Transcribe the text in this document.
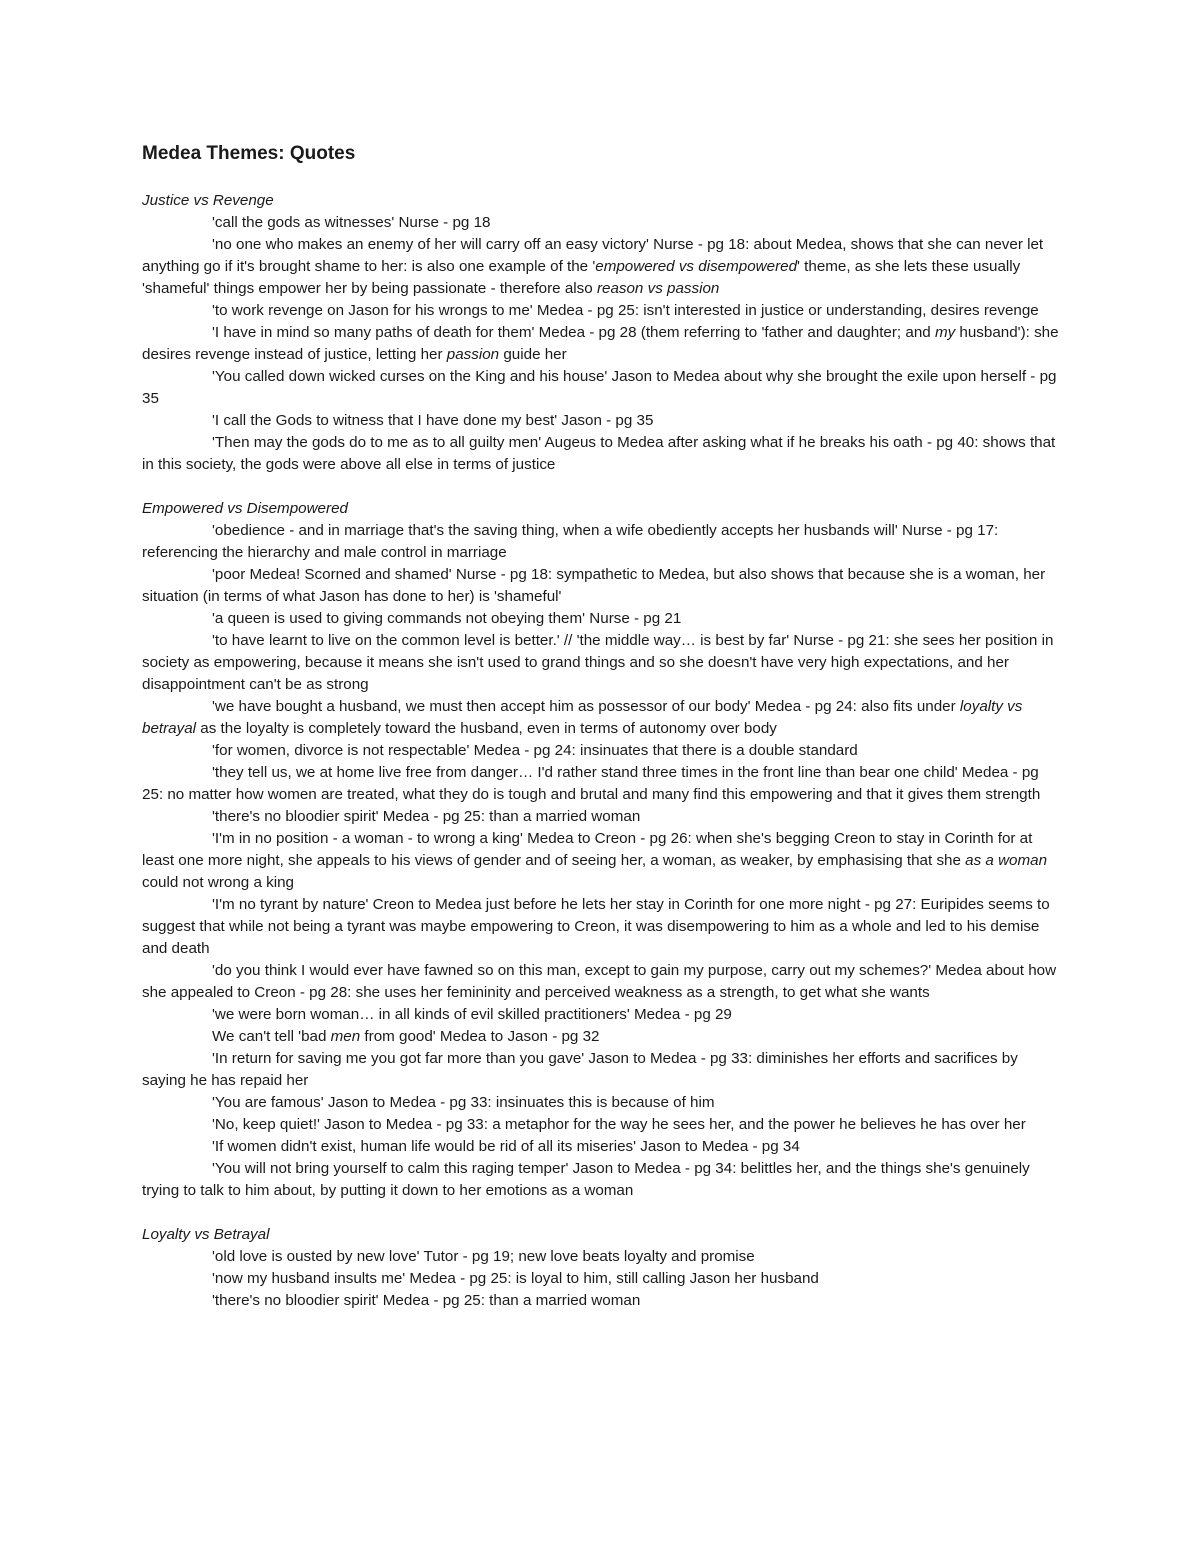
Medea Themes: Quotes

Justice vs Revenge

'call the gods as witnesses' Nurse - pg 18

'no one who makes an enemy of her will carry off an easy victory' Nurse - pg 18: about Medea, shows that she can never let anything go if it's brought shame to her: is also one example of the 'empowered vs disempowered' theme, as she lets these usually 'shameful' things empower her by being passionate - therefore also reason vs passion

'to work revenge on Jason for his wrongs to me' Medea - pg 25: isn't interested in justice or understanding, desires revenge

'I have in mind so many paths of death for them' Medea - pg 28 (them referring to 'father and daughter; and my husband'): she desires revenge instead of justice, letting her passion guide her

'You called down wicked curses on the King and his house' Jason to Medea about why she brought the exile upon herself - pg 35

'I call the Gods to witness that I have done my best' Jason - pg 35

'Then may the gods do to me as to all guilty men' Augeus to Medea after asking what if he breaks his oath - pg 40: shows that in this society, the gods were above all else in terms of justice

Empowered vs Disempowered

'obedience - and in marriage that's the saving thing, when a wife obediently accepts her husbands will' Nurse - pg 17: referencing the hierarchy and male control in marriage

'poor Medea! Scorned and shamed' Nurse - pg 18: sympathetic to Medea, but also shows that because she is a woman, her situation (in terms of what Jason has done to her) is 'shameful'

'a queen is used to giving commands not obeying them' Nurse - pg 21

'to have learnt to live on the common level is better.' // 'the middle way… is best by far' Nurse - pg 21: she sees her position in society as empowering, because it means she isn't used to grand things and so she doesn't have very high expectations, and her disappointment can't be as strong

'we have bought a husband, we must then accept him as possessor of our body' Medea - pg 24: also fits under loyalty vs betrayal as the loyalty is completely toward the husband, even in terms of autonomy over body

'for women, divorce is not respectable' Medea - pg 24: insinuates that there is a double standard

'they tell us, we at home live free from danger… I'd rather stand three times in the front line than bear one child' Medea - pg 25: no matter how women are treated, what they do is tough and brutal and many find this empowering and that it gives them strength

'there's no bloodier spirit' Medea - pg 25: than a married woman

'I'm in no position - a woman - to wrong a king' Medea to Creon - pg 26: when she's begging Creon to stay in Corinth for at least one more night, she appeals to his views of gender and of seeing her, a woman, as weaker, by emphasising that she as a woman could not wrong a king

'I'm no tyrant by nature' Creon to Medea just before he lets her stay in Corinth for one more night - pg 27: Euripides seems to suggest that while not being a tyrant was maybe empowering to Creon, it was disempowering to him as a whole and led to his demise and death

'do you think I would ever have fawned so on this man, except to gain my purpose, carry out my schemes?' Medea about how she appealed to Creon - pg 28: she uses her femininity and perceived weakness as a strength, to get what she wants

'we were born woman… in all kinds of evil skilled practitioners' Medea - pg 29

We can't tell 'bad men from good' Medea to Jason - pg 32

'In return for saving me you got far more than you gave' Jason to Medea - pg 33: diminishes her efforts and sacrifices by saying he has repaid her

'You are famous' Jason to Medea - pg 33: insinuates this is because of him

'No, keep quiet!' Jason to Medea - pg 33: a metaphor for the way he sees her, and the power he believes he has over her

'If women didn't exist, human life would be rid of all its miseries' Jason to Medea - pg 34

'You will not bring yourself to calm this raging temper' Jason to Medea - pg 34: belittles her, and the things she's genuinely trying to talk to him about, by putting it down to her emotions as a woman

Loyalty vs Betrayal

'old love is ousted by new love' Tutor - pg 19; new love beats loyalty and promise

'now my husband insults me' Medea - pg 25: is loyal to him, still calling Jason her husband

'there's no bloodier spirit' Medea - pg 25: than a married woman
